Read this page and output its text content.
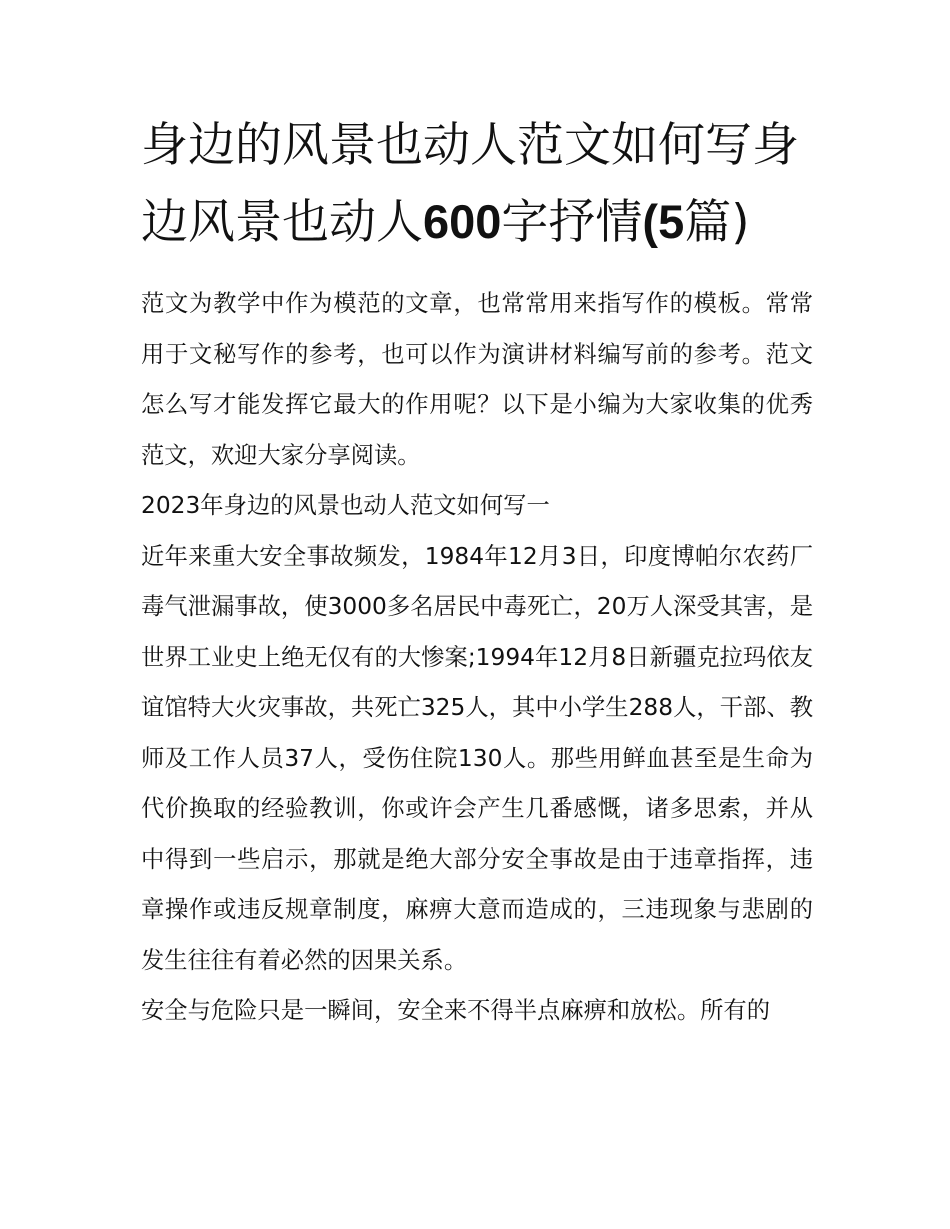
身边的风景也动人范文如何写身边风景也动人600字抒情(5篇)

范文为教学中作为模范的文章，也常常用来指写作的模板。常常用于文秘写作的参考，也可以作为演讲材料编写前的参考。范文怎么写才能发挥它最大的作用呢？以下是小编为大家收集的优秀范文，欢迎大家分享阅读。

2023年身边的风景也动人范文如何写一

近年来重大安全事故频发，1984年12月3日，印度博帕尔农药厂毒气泄漏事故，使3000多名居民中毒死亡，20万人深受其害，是世界工业史上绝无仅有的大惨案;1994年12月8日新疆克拉玛依友谊馆特大火灾事故，共死亡325人，其中小学生288人，干部、教师及工作人员37人，受伤住院130人。那些用鲜血甚至是生命为代价换取的经验教训，你或许会产生几番感慨，诸多思索，并从中得到一些启示，那就是绝大部分安全事故是由于违章指挥，违章操作或违反规章制度，麻痹大意而造成的，三违现象与悲剧的发生往往有着必然的因果关系。

安全与危险只是一瞬间，安全来不得半点麻痹和放松。所有的
